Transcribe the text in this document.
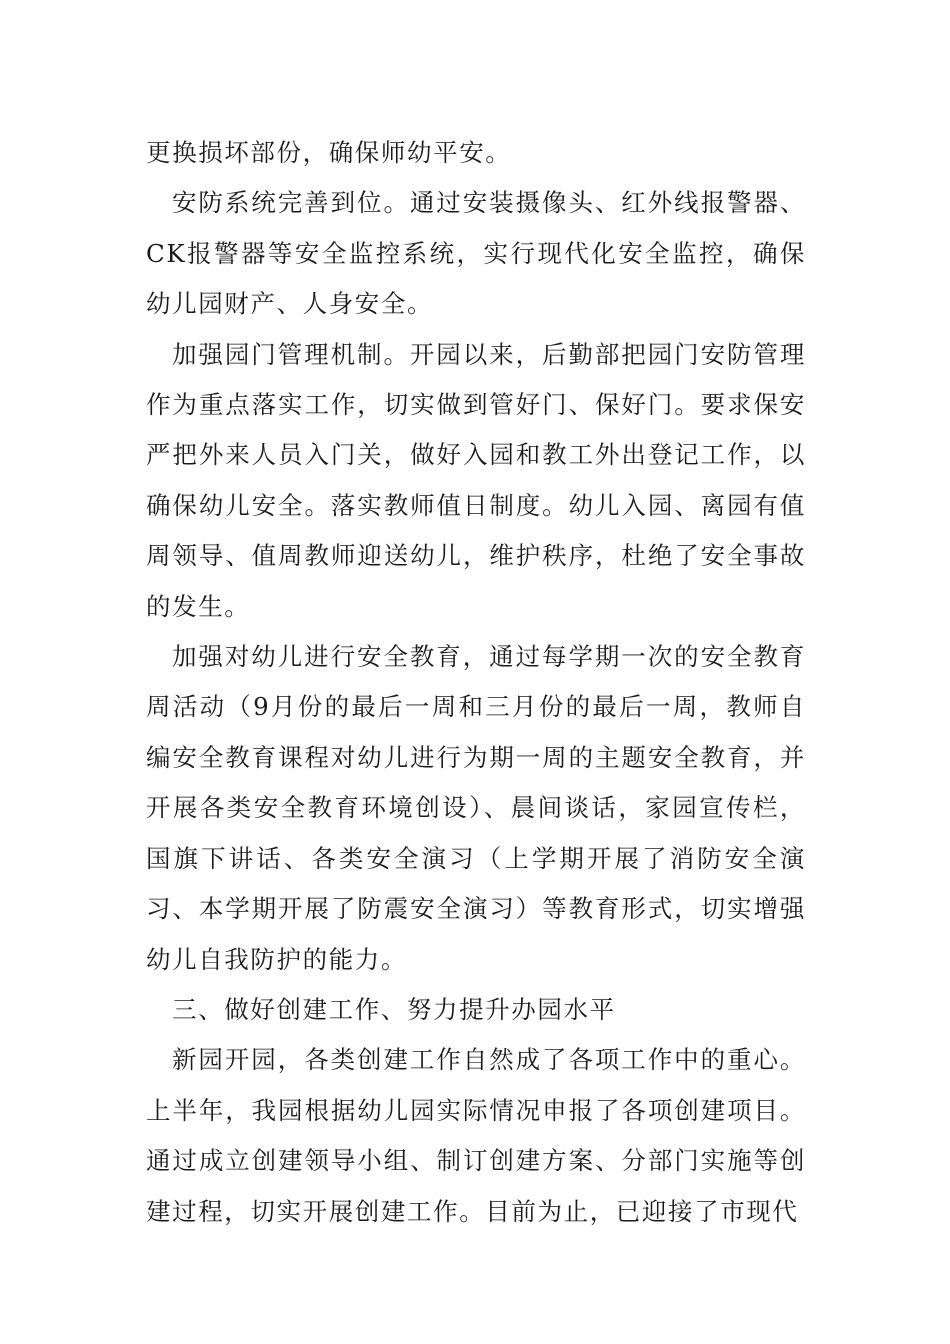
更换损坏部份，确保师幼平安。

安防系统完善到位。通过安装摄像头、红外线报警器、CK报警器等安全监控系统，实行现代化安全监控，确保幼儿园财产、人身安全。

加强园门管理机制。开园以来，后勤部把园门安防管理作为重点落实工作，切实做到管好门、保好门。要求保安严把外来人员入门关，做好入园和教工外出登记工作，以确保幼儿安全。落实教师值日制度。幼儿入园、离园有值周领导、值周教师迎送幼儿，维护秩序，杜绝了安全事故的发生。

加强对幼儿进行安全教育，通过每学期一次的安全教育周活动（9月份的最后一周和三月份的最后一周，教师自编安全教育课程对幼儿进行为期一周的主题安全教育，并开展各类安全教育环境创设）、晨间谈话，家园宣传栏，国旗下讲话、各类安全演习（上学期开展了消防安全演习、本学期开展了防震安全演习）等教育形式，切实增强幼儿自我防护的能力。

三、做好创建工作、努力提升办园水平

新园开园，各类创建工作自然成了各项工作中的重心。上半年，我园根据幼儿园实际情况申报了各项创建项目。通过成立创建领导小组、制订创建方案、分部门实施等创建过程，切实开展创建工作。目前为止，已迎接了市现代
